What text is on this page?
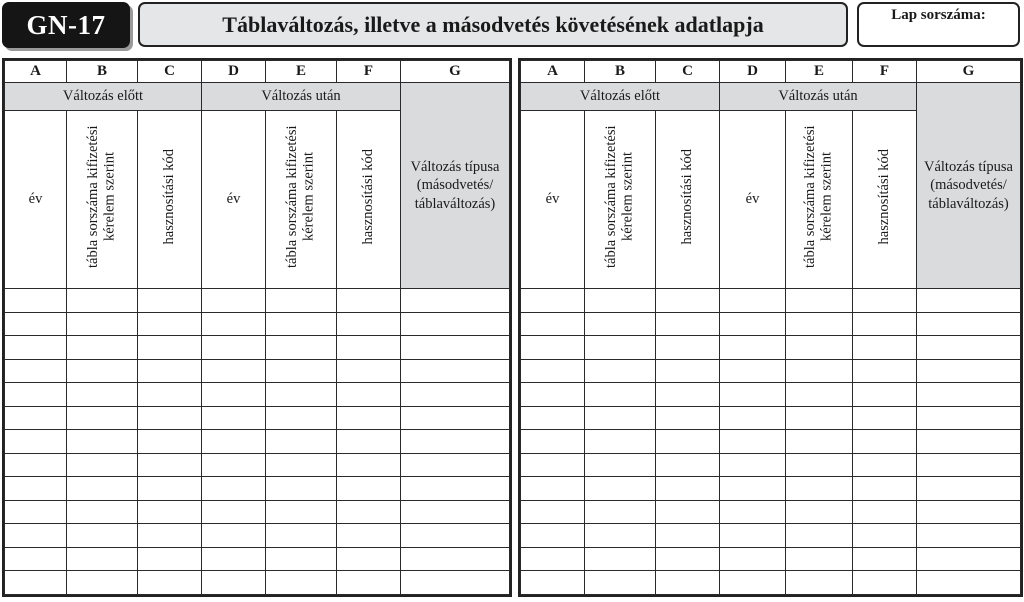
GN-17	Táblaváltozás, illetve a másodvetés követésének adatlapja	Lap sorszáma:
A	B	C	D	E	F	G
Változás előtt			Változás után			Változás típusa (másodvetés/ táblaváltozás)
év	tábla sorszáma kifizetési kérelem szerint	hasznosítási kód	év	tábla sorszáma kifizetési kérelem szerint	hasznosítási kód	

A	B	C	D	E	F	G
Változás előtt			Változás után			Változás típusa (másodvetés/ táblaváltozás)
év	tábla sorszáma kifizetési kérelem szerint	hasznosítási kód	év	tábla sorszáma kifizetési kérelem szerint	hasznosítási kód	
